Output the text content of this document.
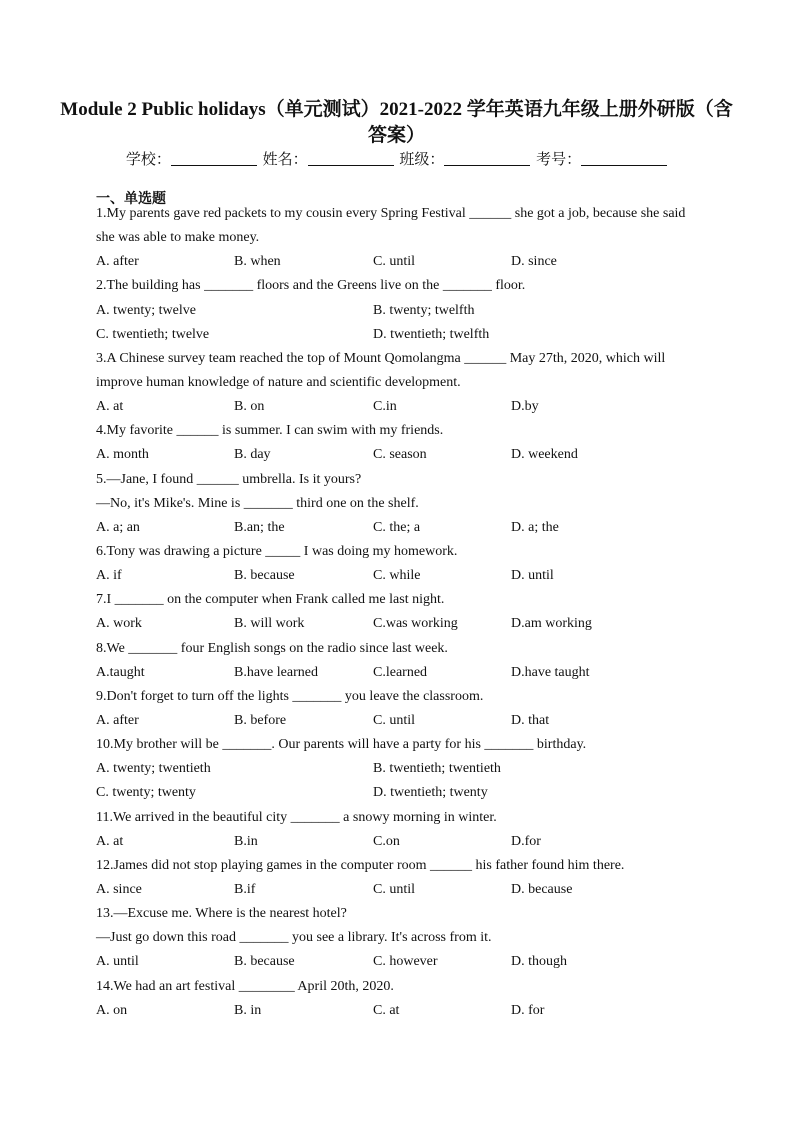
Module 2 Public holidays（单元测试）2021-2022 学年英语九年级上册外研版（含答案）
学校：	姓名：	班级：	考号：
一、单选题
1.My parents gave red packets to my cousin every Spring Festival ______ she got a job, because she said
she was able to make money.
A. after	B. when	C. until	D. since
2.The building has _______ floors and the Greens live on the _______ floor.
A. twenty; twelve	B. twenty; twelfth
C. twentieth; twelve	D. twentieth; twelfth
3.A Chinese survey team reached the top of Mount Qomolangma ______ May 27th, 2020, which will
improve human knowledge of nature and scientific development.
A. at	B. on	C.in	D.by
4.My favorite ______ is summer. I can swim with my friends.
A. month	B. day	C. season	D. weekend
5.—Jane, I found ______ umbrella. Is it yours?
—No, it's Mike's. Mine is _______ third one on the shelf.
A. a; an	B.an; the	C. the; a	D. a; the
6.Tony was drawing a picture _____ I was doing my homework.
A. if	B. because	C. while	D. until
7.I _______ on the computer when Frank called me last night.
A. work	B. will work	C.was working	D.am working
8.We _______ four English songs on the radio since last week.
A.taught	B.have learned	C.learned	D.have taught
9.Don't forget to turn off the lights _______ you leave the classroom.
A. after	B. before	C. until	D. that
10.My brother will be _______. Our parents will have a party for his _______ birthday.
A. twenty; twentieth	B. twentieth; twentieth
C. twenty; twenty	D. twentieth; twenty
11.We arrived in the beautiful city _______ a snowy morning in winter.
A. at	B.in	C.on	D.for
12.James did not stop playing games in the computer room ______ his father found him there.
A. since	B.if	C. until	D. because
13.—Excuse me. Where is the nearest hotel?
—Just go down this road _______ you see a library. It's across from it.
A. until	B. because	C. however	D. though
14.We had an art festival ________ April 20th, 2020.
A. on	B. in	C. at	D. for
